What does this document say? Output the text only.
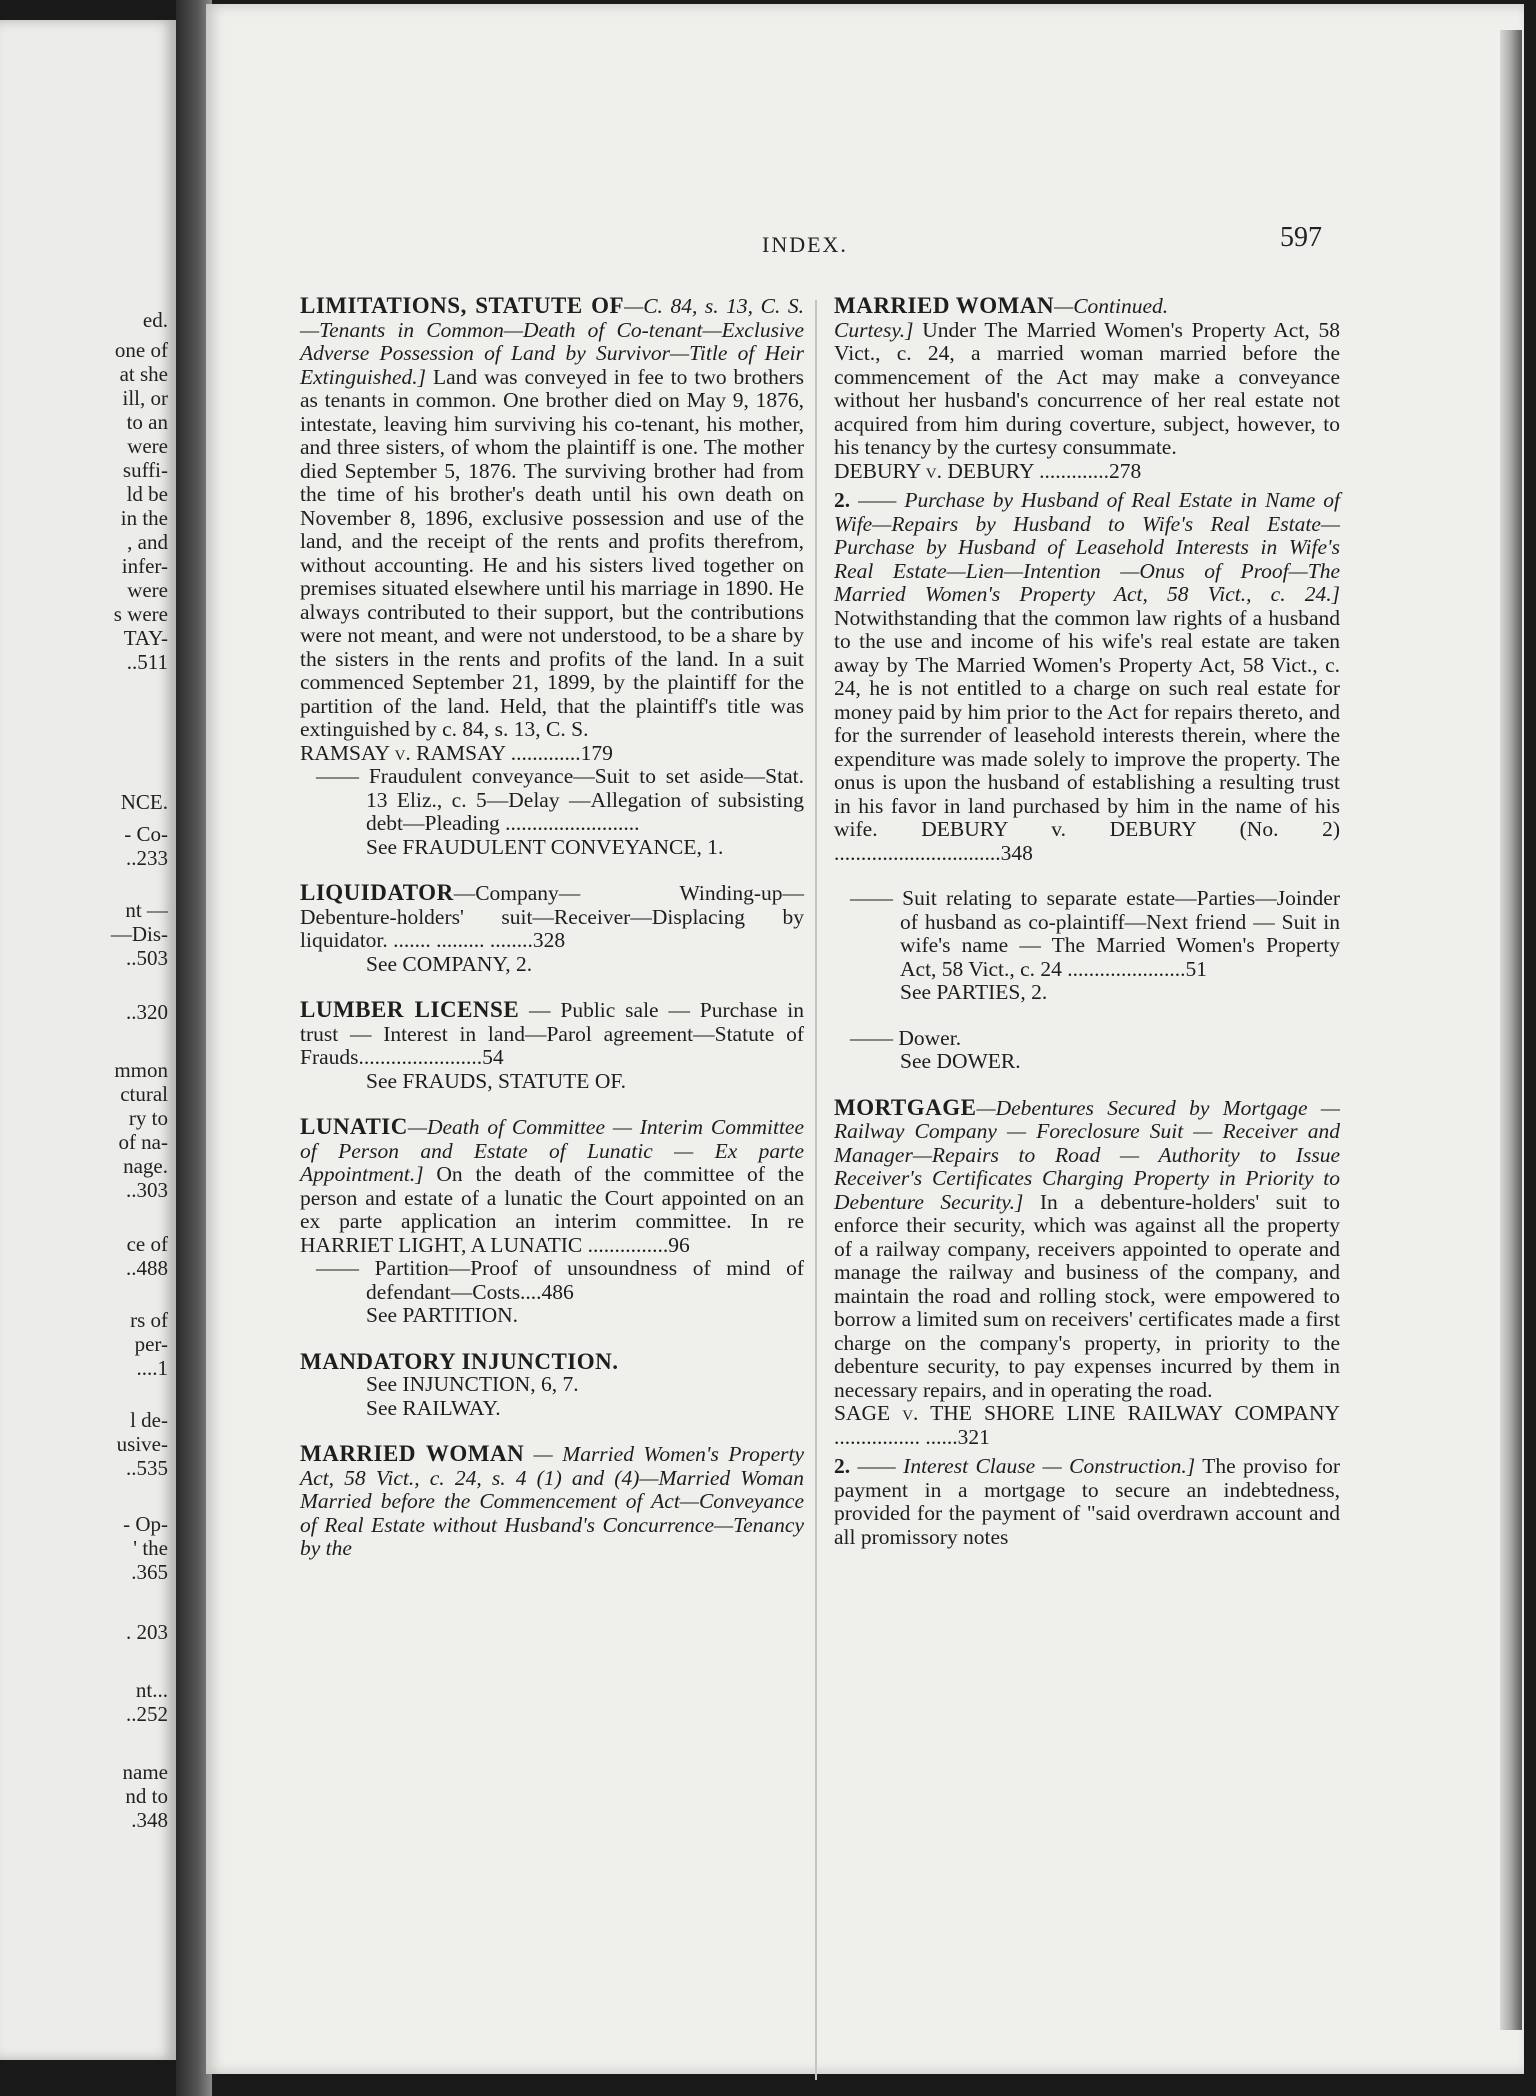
ed.
one of
at she
ill, or
to an
were
suffi-
ld be
in the
, and
infer-
were
s were
TAY-
..511
NCE.
- Co-
..233
nt —
—Dis-
..503
..320
mmon
ctural
ry to
of na-
nage.
..303
ce of
..488
rs of
per-
....1
l de-
usive-
..535
- Op-
' the
.365
. 203
nt...
..252
name
nd to
.348
INDEX.	597

LIMITATIONS, STATUTE OF—C. 84, s. 13, C. S.—Tenants in Common—Death of Co-tenant—Exclusive Adverse Possession of Land by Survivor—Title of Heir Extinguished.] Land was conveyed in fee to two brothers as tenants in common. One brother died on May 9, 1876, intestate, leaving him surviving his co-tenant, his mother, and three sisters, of whom the plaintiff is one. The mother died September 5, 1876. The surviving brother had from the time of his brother's death until his own death on November 8, 1896, exclusive possession and use of the land, and the receipt of the rents and profits therefrom, without accounting. He and his sisters lived together on premises situated elsewhere until his marriage in 1890. He always contributed to their support, but the contributions were not meant, and were not understood, to be a share by the sisters in the rents and profits of the land. In a suit commenced September 21, 1899, by the plaintiff for the partition of the land. Held, that the plaintiff's title was extinguished by c. 84, s. 13, C. S.

RAMSAY v. RAMSAY .............179

—— Fraudulent conveyance—Suit to set aside—Stat. 13 Eliz., c. 5—Delay —Allegation of subsisting debt—Pleading .........................

See FRAUDULENT CONVEYANCE, 1.

LIQUIDATOR—Company— Winding-up—Debenture-holders' suit—Receiver—Displacing by liquidator. ....... ......... ........328

See COMPANY, 2.

LUMBER LICENSE — Public sale — Purchase in trust — Interest in land—Parol agreement—Statute of Frauds.......................54

See FRAUDS, STATUTE OF.

LUNATIC—Death of Committee — Interim Committee of Person and Estate of Lunatic — Ex parte Appointment.] On the death of the committee of the person and estate of a lunatic the Court appointed on an ex parte application an interim committee. In re HARRIET LIGHT, A LUNATIC ...............96

—— Partition—Proof of unsoundness of mind of defendant—Costs....486

See PARTITION.

MANDATORY INJUNCTION.

See INJUNCTION, 6, 7.

See RAILWAY.

MARRIED WOMAN — Married Women's Property Act, 58 Vict., c. 24, s. 4 (1) and (4)—Married Woman Married before the Commencement of Act—Conveyance of Real Estate without Husband's Concurrence—Tenancy by the

MARRIED WOMAN—Continued.

Curtesy.] Under The Married Women's Property Act, 58 Vict., c. 24, a married woman married before the commencement of the Act may make a conveyance without her husband's concurrence of her real estate not acquired from him during coverture, subject, however, to his tenancy by the curtesy consummate.

DEBURY v. DEBURY .............278

2. —— Purchase by Husband of Real Estate in Name of Wife—Repairs by Husband to Wife's Real Estate—Purchase by Husband of Leasehold Interests in Wife's Real Estate—Lien—Intention —Onus of Proof—The Married Women's Property Act, 58 Vict., c. 24.] Notwithstanding that the common law rights of a husband to the use and income of his wife's real estate are taken away by The Married Women's Property Act, 58 Vict., c. 24, he is not entitled to a charge on such real estate for money paid by him prior to the Act for repairs thereto, and for the surrender of leasehold interests therein, where the expenditure was made solely to improve the property. The onus is upon the husband of establishing a resulting trust in his favor in land purchased by him in the name of his wife. DEBURY v. DEBURY (No. 2) ...............................348

—— Suit relating to separate estate—Parties—Joinder of husband as co-plaintiff—Next friend — Suit in wife's name — The Married Women's Property Act, 58 Vict., c. 24 ......................51

See PARTIES, 2.

—— Dower.

See DOWER.

MORTGAGE—Debentures Secured by Mortgage — Railway Company — Foreclosure Suit — Receiver and Manager—Repairs to Road — Authority to Issue Receiver's Certificates Charging Property in Priority to Debenture Security.] In a debenture-holders' suit to enforce their security, which was against all the property of a railway company, receivers appointed to operate and manage the railway and business of the company, and maintain the road and rolling stock, were empowered to borrow a limited sum on receivers' certificates made a first charge on the company's property, in priority to the debenture security, to pay expenses incurred by them in necessary repairs, and in operating the road.

SAGE v. THE SHORE LINE RAILWAY COMPANY ................ ......321

2. —— Interest Clause — Construction.] The proviso for payment in a mortgage to secure an indebtedness, provided for the payment of "said overdrawn account and all promissory notes
